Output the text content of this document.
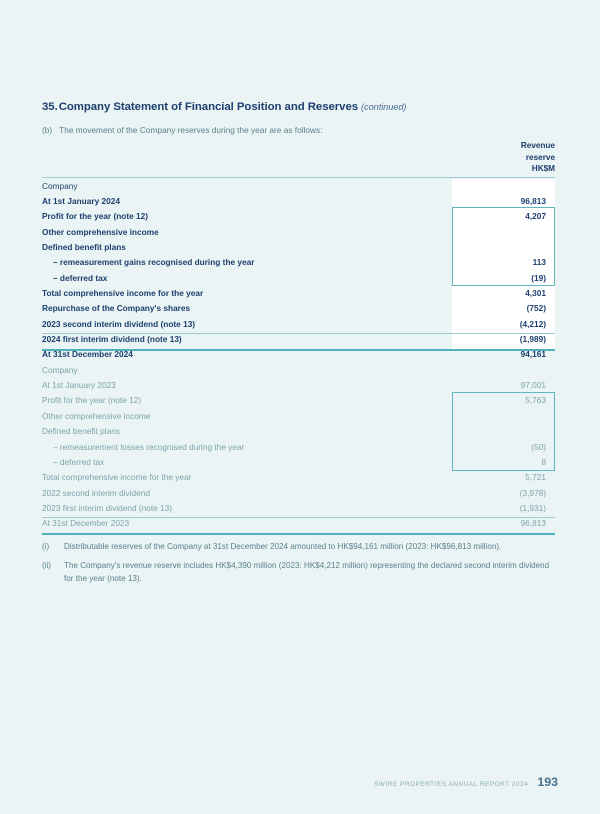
35.Company Statement of Financial Position and Reserves (continued)
(b) The movement of the Company reserves during the year are as follows:
Revenue
reserve
HK$M
Company
At 1st January 2024	96,813
Profit for the year (note 12)	4,207
Other comprehensive income
Defined benefit plans
– remeasurement gains recognised during the year	113
– deferred tax	(19)
Total comprehensive income for the year	4,301
Repurchase of the Company's shares	(752)
2023 second interim dividend (note 13)	(4,212)
2024 first interim dividend (note 13)	(1,989)
At 31st December 2024	94,161
Company
At 1st January 2023	97,001
Profit for the year (note 12)	5,763
Other comprehensive income
Defined benefit plans
– remeasurement losses recognised during the year	(50)
– deferred tax	8
Total comprehensive income for the year	5,721
2022 second interim dividend	(3,978)
2023 first interim dividend (note 13)	(1,931)
At 31st December 2023	96,813
(i)	Distributable reserves of the Company at 31st December 2024 amounted to HK$94,161 million (2023: HK$96,813 million).
(ii)	The Company's revenue reserve includes HK$4,390 million (2023: HK$4,212 million) representing the declared second interim dividend for the year (note 13).
SWIRE PROPERTIES ANNUAL REPORT 2024 193
